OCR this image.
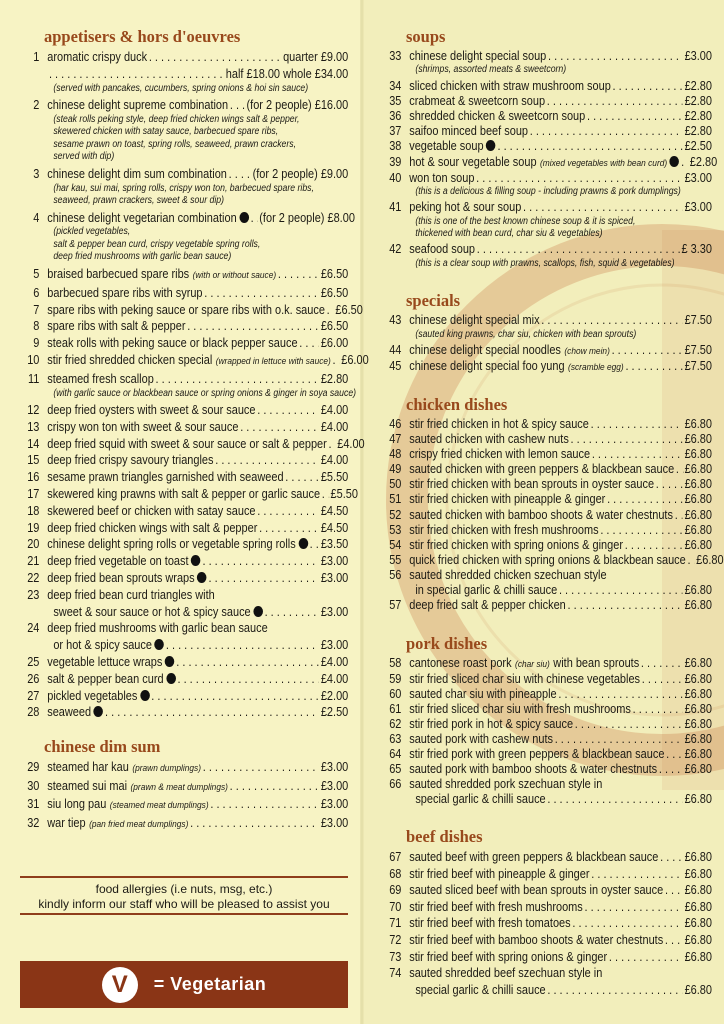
appetisers & hors d'oeuvres
1 aromatic crispy duck . . .	quarter £9.00
. . .
half £18.00 whole £34.00
(served with pancakes, cucumbers, spring onions & hoi sin sauce)
2 chinese delight supreme combination . . . (for 2 people) £16.00
(steak rolls peking style, deep fried chicken wings salt & pepper,
skewered chicken with satay sauce, barbecued spare ribs,
sesame prawn on toast, spring rolls, seaweed, prawn crackers,
served with dip)
3 chinese delight dim sum combination . . . (for 2 people) £9.00
(har kau, sui mai, spring rolls, crispy won ton, barbecued spare ribs,
seaweed, prawn crackers, sweet & sour dip)
4 chinese delight vegetarian combination . . . (for 2 people) £8.00
(pickled vegetables,
salt & pepper bean curd, crispy vegetable spring rolls,
deep fried mushrooms with garlic bean sauce)
5 braised barbecued spare ribs (with or without sauce) . . .	£6.50
6 barbecued spare ribs with syrup . . .	£6.50
7 spare ribs with peking sauce or spare ribs with o.k. sauce . . . £6.50
8 spare ribs with salt & pepper . . .	£6.50
9 steak rolls with peking sauce or black pepper sauce . . . £6.00
10 stir fried shredded chicken special (wrapped in lettuce with sauce) . . . £6.00
11 steamed fresh scallop . . .	£2.80
(with garlic sauce or blackbean sauce or spring onions & ginger in soya sauce)
12 deep fried oysters with sweet & sour sauce . . .	£4.00
13 crispy won ton with sweet & sour sauce . . .	£4.00
14 deep fried squid with sweet & sour sauce or salt & pepper . . . £4.00
15 deep fried crispy savoury triangles . . .	£4.00
16 sesame prawn triangles garnished with seaweed . . .	£5.50
17 skewered king prawns with salt & pepper or garlic sauce . . . £5.50
18 skewered beef or chicken with satay sauce . . .	£4.50
19 deep fried chicken wings with salt & pepper . . .	£4.50
20 chinese delight spring rolls or vegetable spring rolls . . . £3.50
21 deep fried vegetable on toast . . .	£3.00
22 deep fried bean sprouts wraps . . .	£3.00
23 deep fried bean curd triangles with
sweet & sour sauce or hot & spicy sauce . . .	£3.00
24 deep fried mushrooms with garlic bean sauce
or hot & spicy sauce . . .	£3.00
25 vegetable lettuce wraps . . .	£4.00
26 salt & pepper bean curd . . .	£4.00
27 pickled vegetables . . .	£2.00
28 seaweed . . .	£2.50
chinese dim sum
29 steamed har kau (prawn dumplings) . . .	£3.00
30 steamed sui mai (prawn & meat dumplings) . . .	£3.00
31 siu long pau (steamed meat dumplings) . . .	£3.00
32 war tiep (pan fried meat dumplings) . . .	£3.00
soups
33 chinese delight special soup . . .	£3.00
(shrimps, assorted meats & sweetcorn)
34 sliced chicken with straw mushroom soup . . .	£2.80
35 crabmeat & sweetcorn soup . . .	£2.80
36 shredded chicken & sweetcorn soup . . .	£2.80
37 saifoo minced beef soup . . .	£2.80
38 vegetable soup . . .	£2.50
39 hot & sour vegetable soup (mixed vegetables with bean curd) . . . £2.80
40 won ton soup . . .	£3.00
(this is a delicious & filling soup - including prawns & pork dumplings)
41 peking hot & sour soup . . .	£3.00
(this is one of the best known chinese soup & it is spiced,
thickened with bean curd, char siu & vegetables)
42 seafood soup . . .	£ 3.30
(this is a clear soup with prawns, scallops, fish, squid & vegetables)
specials
43 chinese delight special mix . . .	£7.50
(sauted king prawns, char siu, chicken with bean sprouts)
44 chinese delight special noodles (chow mein) . . .	£7.50
45 chinese delight special foo yung (scramble egg) . . .	£7.50
chicken dishes
46 stir fried chicken in hot & spicy sauce . . .	£6.80
47 sauted chicken with cashew nuts . . .	£6.80
48 crispy fried chicken with lemon sauce . . .	£6.80
49 sauted chicken with green peppers & blackbean sauce . . . £6.80
50 stir fried chicken with bean sprouts in oyster sauce . . . £6.80
51 stir fried chicken with pineapple & ginger . . .	£6.80
52 sauted chicken with bamboo shoots & water chestnuts . . . £6.80
53 stir fried chicken with fresh mushrooms . . .	£6.80
54 stir fried chicken with spring onions & ginger . . .	£6.80
55 quick fried chicken with spring onions & blackbean sauce . . . £6.80
56 sauted shredded chicken szechuan style
in special garlic & chilli sauce . . .	£6.80
57 deep fried salt & pepper chicken . . .	£6.80
pork dishes
58 cantonese roast pork (char siu) with bean sprouts . . .	£6.80
59 stir fried sliced char siu with chinese vegetables . . .	£6.80
60 sauted char siu with pineapple . . .	£6.80
61 stir fried sliced char siu with fresh mushrooms . . .	£6.80
62 stir fried pork in hot & spicy sauce . . .	£6.80
63 sauted pork with cashew nuts . . .	£6.80
64 stir fried pork with green peppers & blackbean sauce . . . £6.80
65 sauted pork with bamboo shoots & water chestnuts . . . £6.80
66 sauted shredded pork szechuan style in
special garlic & chilli sauce . . .	£6.80
beef dishes
67 sauted beef with green peppers & blackbean sauce . . . £6.80
68 stir fried beef with pineapple & ginger . . .	£6.80
69 sauted sliced beef with bean sprouts in oyster sauce . . . £6.80
70 stir fried beef with fresh mushrooms . . .	£6.80
71 stir fried beef with fresh tomatoes . . .	£6.80
72 stir fried beef with bamboo shoots & water chestnuts . . . £6.80
73 stir fried beef with spring onions & ginger . . .	£6.80
74 sauted shredded beef szechuan style in
special garlic & chilli sauce . . .	£6.80
food allergies (i.e nuts, msg, etc.)
kindly inform our staff who will be pleased to assist you
V	= Vegetarian
